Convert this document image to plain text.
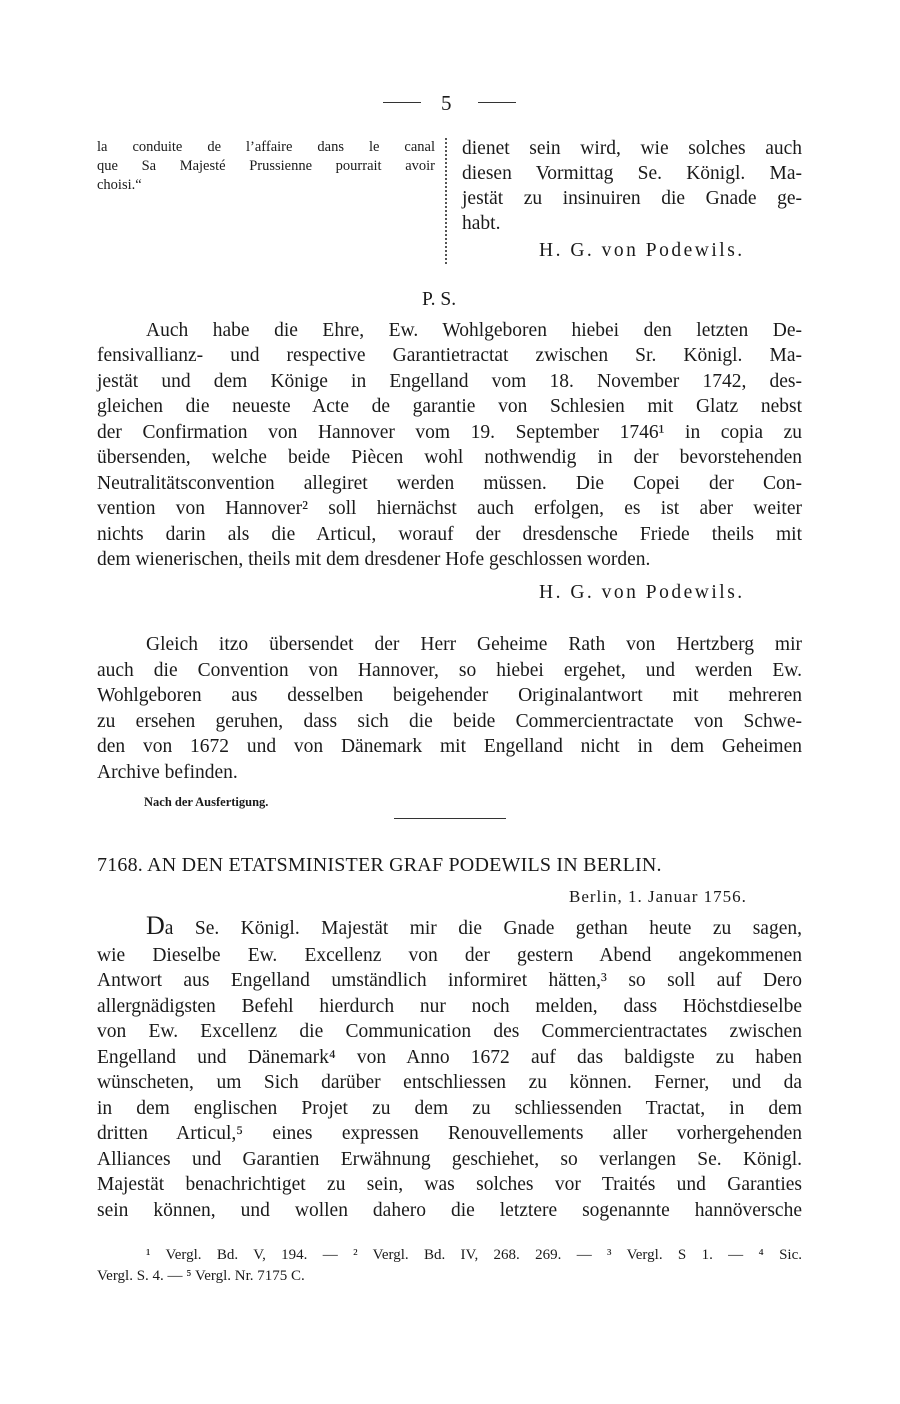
5
la conduite de l’affaire dans le canal
que Sa Majesté Prussienne pourrait avoir
choisi.“
dienet sein wird, wie solches auch
diesen Vormittag Se. Königl. Ma-
jestät zu insinuiren die Gnade ge-
habt.
H. G. von Podewils.
P. S.
Auch habe die Ehre, Ew. Wohlgeboren hiebei den letzten De-
fensivallianz- und respective Garantietractat zwischen Sr. Königl. Ma-
jestät und dem Könige in Engelland vom 18. November 1742, des-
gleichen die neueste Acte de garantie von Schlesien mit Glatz nebst
der Confirmation von Hannover vom 19. September 1746¹ in copia zu
übersenden, welche beide Piècen wohl nothwendig in der bevorstehenden
Neutralitätsconvention allegiret werden müssen. Die Copei der Con-
vention von Hannover² soll hiernächst auch erfolgen, es ist aber weiter
nichts darin als die Articul, worauf der dresdensche Friede theils mit
dem wienerischen, theils mit dem dresdener Hofe geschlossen worden.
H. G. von Podewils.
Gleich itzo übersendet der Herr Geheime Rath von Hertzberg mir
auch die Convention von Hannover, so hiebei ergehet, und werden Ew.
Wohlgeboren aus desselben beigehender Originalantwort mit mehreren
zu ersehen geruhen, dass sich die beide Commercientractate von Schwe-
den von 1672 und von Dänemark mit Engelland nicht in dem Geheimen
Archive befinden.
Nach der Ausfertigung.
7168. AN DEN ETATSMINISTER GRAF PODEWILS IN BERLIN.
Berlin, 1. Januar 1756.
D a Se. Königl. Majestät mir die Gnade gethan heute zu sagen,
wie Dieselbe Ew. Excellenz von der gestern Abend angekommenen
Antwort aus Engelland umständlich informiret hätten,³ so soll auf Dero
allergnädigsten Befehl hierdurch nur noch melden, dass Höchstdieselbe
von Ew. Excellenz die Communication des Commercientractates zwischen
Engelland und Dänemark⁴ von Anno 1672 auf das baldigste zu haben
wünscheten, um Sich darüber entschliessen zu können. Ferner, und da
in dem englischen Projet zu dem zu schliessenden Tractat, in dem
dritten Articul,⁵ eines expressen Renouvellements aller vorhergehenden
Alliances und Garantien Erwähnung geschiehet, so verlangen Se. Königl.
Majestät benachrichtiget zu sein, was solches vor Traités und Garanties
sein können, und wollen dahero die letztere sogenannte hannöversche
¹ Vergl. Bd. V, 194. — ² Vergl. Bd. IV, 268. 269. — ³ Vergl. S 1. — ⁴ Sic.
Vergl. S. 4. — ⁵ Vergl. Nr. 7175 C.
